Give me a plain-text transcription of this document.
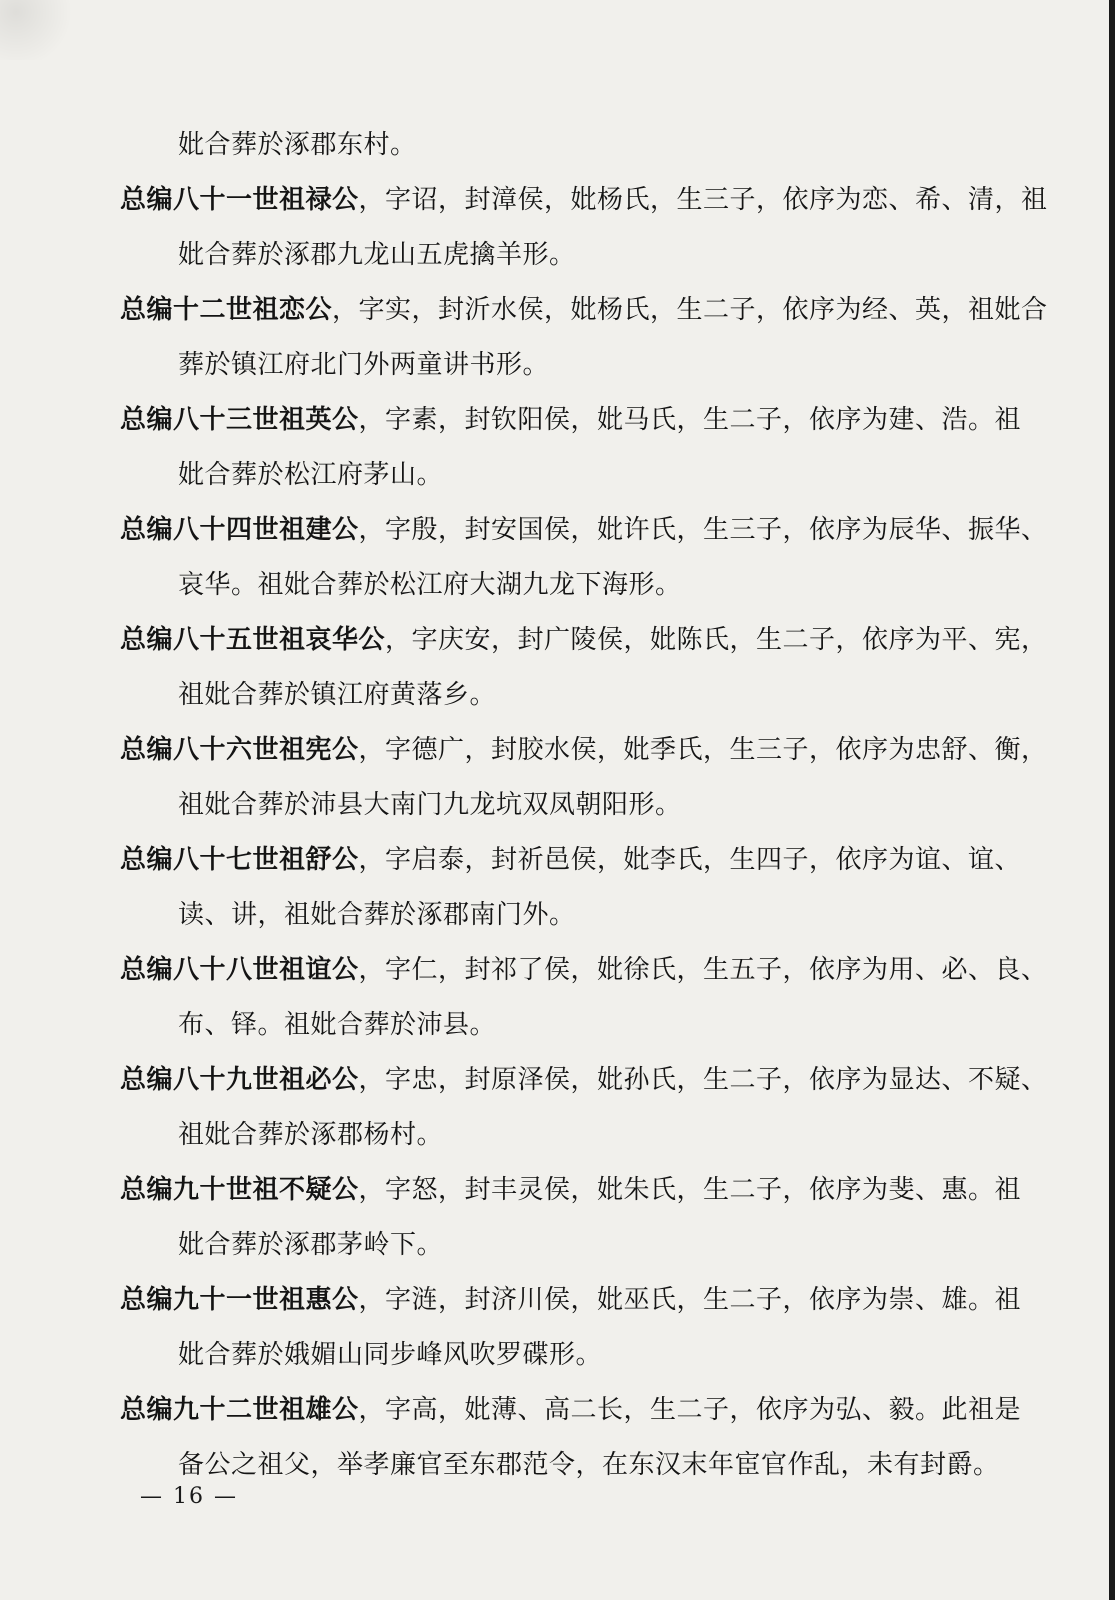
妣合葬於涿郡东村。
总编八十一世祖禄公，字诏，封漳侯，妣杨氏，生三子，依序为恋、希、清，祖
妣合葬於涿郡九龙山五虎擒羊形。
总编十二世祖恋公，字实，封沂水侯，妣杨氏，生二子，依序为经、英，祖妣合
葬於镇江府北门外两童讲书形。
总编八十三世祖英公，字素，封钦阳侯，妣马氏，生二子，依序为建、浩。祖
妣合葬於松江府茅山。
总编八十四世祖建公，字殷，封安国侯，妣许氏，生三子，依序为辰华、振华、
哀华。祖妣合葬於松江府大湖九龙下海形。
总编八十五世祖哀华公，字庆安，封广陵侯，妣陈氏，生二子，依序为平、宪，
祖妣合葬於镇江府黄落乡。
总编八十六世祖宪公，字德广，封胶水侯，妣季氏，生三子，依序为忠舒、衡，
祖妣合葬於沛县大南门九龙坑双凤朝阳形。
总编八十七世祖舒公，字启泰，封祈邑侯，妣李氏，生四子，依序为谊、谊、
读、讲，祖妣合葬於涿郡南门外。
总编八十八世祖谊公，字仁，封祁了侯，妣徐氏，生五子，依序为用、必、良、
布、铎。祖妣合葬於沛县。
总编八十九世祖必公，字忠，封原泽侯，妣孙氏，生二子，依序为显达、不疑、
祖妣合葬於涿郡杨村。
总编九十世祖不疑公，字怒，封丰灵侯，妣朱氏，生二子，依序为斐、惠。祖
妣合葬於涿郡茅岭下。
总编九十一世祖惠公，字涟，封济川侯，妣巫氏，生二子，依序为崇、雄。祖
妣合葬於娥媚山同步峰风吹罗碟形。
总编九十二世祖雄公，字高，妣薄、高二长，生二子，依序为弘、毅。此祖是
备公之祖父，举孝廉官至东郡范令，在东汉末年宦官作乱，未有封爵。
— 16 —
